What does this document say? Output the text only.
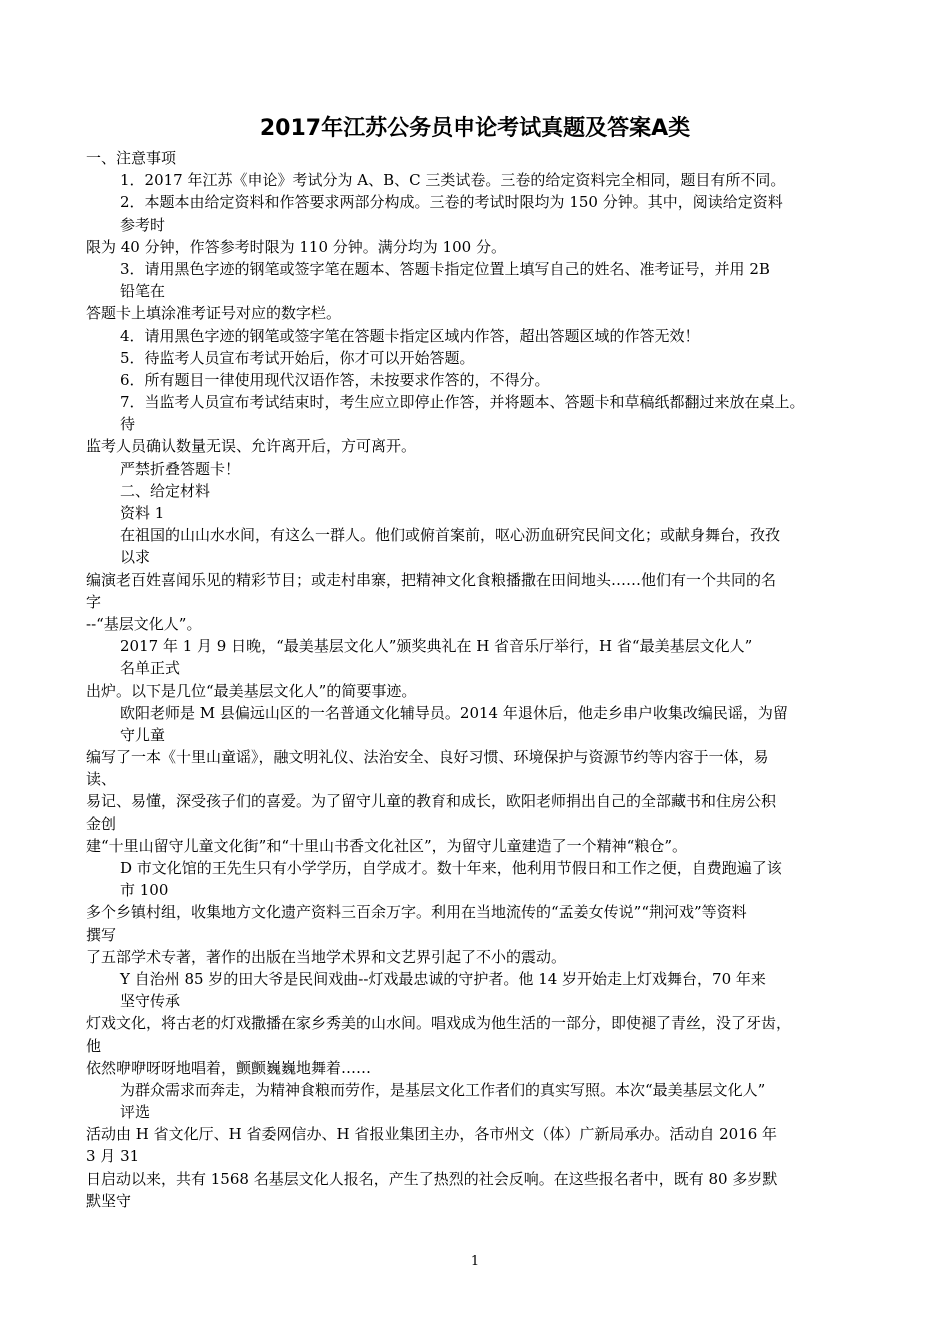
2017年江苏公务员申论考试真题及答案A类
一、注意事项
1．2017 年江苏《申论》考试分为 A、B、C 三类试卷。三卷的给定资料完全相同，题目有所不同。
2．本题本由给定资料和作答要求两部分构成。三卷的考试时限均为 150 分钟。其中，阅读给定资料
参考时
限为 40 分钟，作答参考时限为 110 分钟。满分均为 100 分。
3．请用黑色字迹的钢笔或签字笔在题本、答题卡指定位置上填写自己的姓名、准考证号，并用 2B
铅笔在
答题卡上填涂准考证号对应的数字栏。
4．请用黑色字迹的钢笔或签字笔在答题卡指定区域内作答，超出答题区域的作答无效！
5．待监考人员宣布考试开始后，你才可以开始答题。
6．所有题目一律使用现代汉语作答，未按要求作答的，不得分。
7．当监考人员宣布考试结束时，考生应立即停止作答，并将题本、答题卡和草稿纸都翻过来放在桌上。
待
监考人员确认数量无误、允许离开后，方可离开。
严禁折叠答题卡！
二、给定材料
资料 1
在祖国的山山水水间，有这么一群人。他们或俯首案前，呕心沥血研究民间文化；或献身舞台，孜孜
以求
编演老百姓喜闻乐见的精彩节目；或走村串寨，把精神文化食粮播撒在田间地头……他们有一个共同的名
字
--“基层文化人”。
2017 年 1 月 9 日晚，“最美基层文化人”颁奖典礼在 H 省音乐厅举行，H 省“最美基层文化人”
名单正式
出炉。以下是几位“最美基层文化人”的简要事迹。
欧阳老师是 M 县偏远山区的一名普通文化辅导员。2014 年退休后，他走乡串户收集改编民谣，为留
守儿童
编写了一本《十里山童谣》，融文明礼仪、法治安全、良好习惯、环境保护与资源节约等内容于一体，易
读、
易记、易懂，深受孩子们的喜爱。为了留守儿童的教育和成长，欧阳老师捐出自己的全部藏书和住房公积
金创
建“十里山留守儿童文化街”和“十里山书香文化社区”，为留守儿童建造了一个精神“粮仓”。
D 市文化馆的王先生只有小学学历，自学成才。数十年来，他利用节假日和工作之便，自费跑遍了该
市 100
多个乡镇村组，收集地方文化遗产资料三百余万字。利用在当地流传的“孟姜女传说”“荆河戏”等资料
撰写
了五部学术专著，著作的出版在当地学术界和文艺界引起了不小的震动。
Y 自治州 85 岁的田大爷是民间戏曲--灯戏最忠诚的守护者。他 14 岁开始走上灯戏舞台，70 年来
坚守传承
灯戏文化，将古老的灯戏撒播在家乡秀美的山水间。唱戏成为他生活的一部分，即使褪了青丝，没了牙齿，
他
依然咿咿呀呀地唱着，颤颤巍巍地舞着……
为群众需求而奔走，为精神食粮而劳作，是基层文化工作者们的真实写照。本次“最美基层文化人”
评选
活动由 H 省文化厅、H 省委网信办、H 省报业集团主办，各市州文（体）广新局承办。活动自 2016 年
3 月 31
日启动以来，共有 1568 名基层文化人报名，产生了热烈的社会反响。在这些报名者中，既有 80 多岁默
默坚守
1
